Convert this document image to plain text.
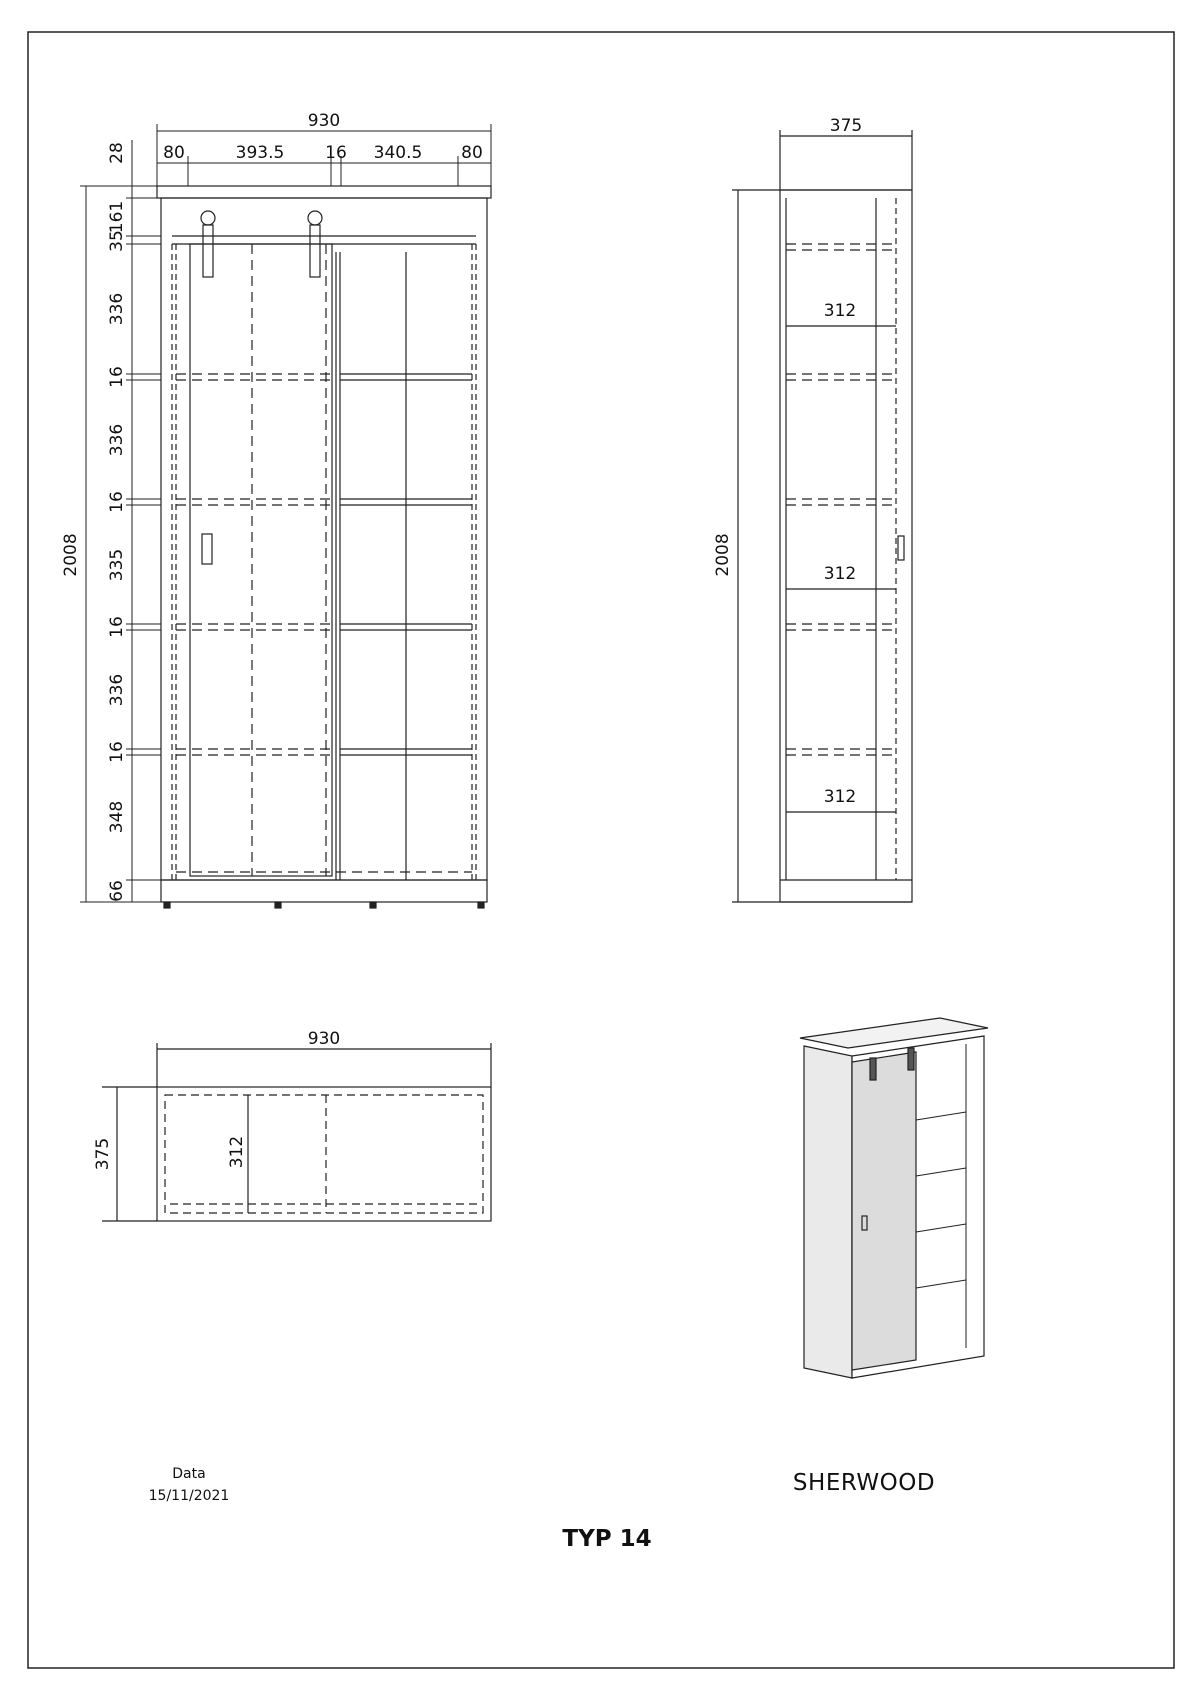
930
80	393.5 16 340.5 80
2008
28
161
35
336
16
336
16
335
16
336
16
348
66
375
2008
312
312
312
930
375	312
Data
15/11/2021	SHERWOOD
TYP 14
